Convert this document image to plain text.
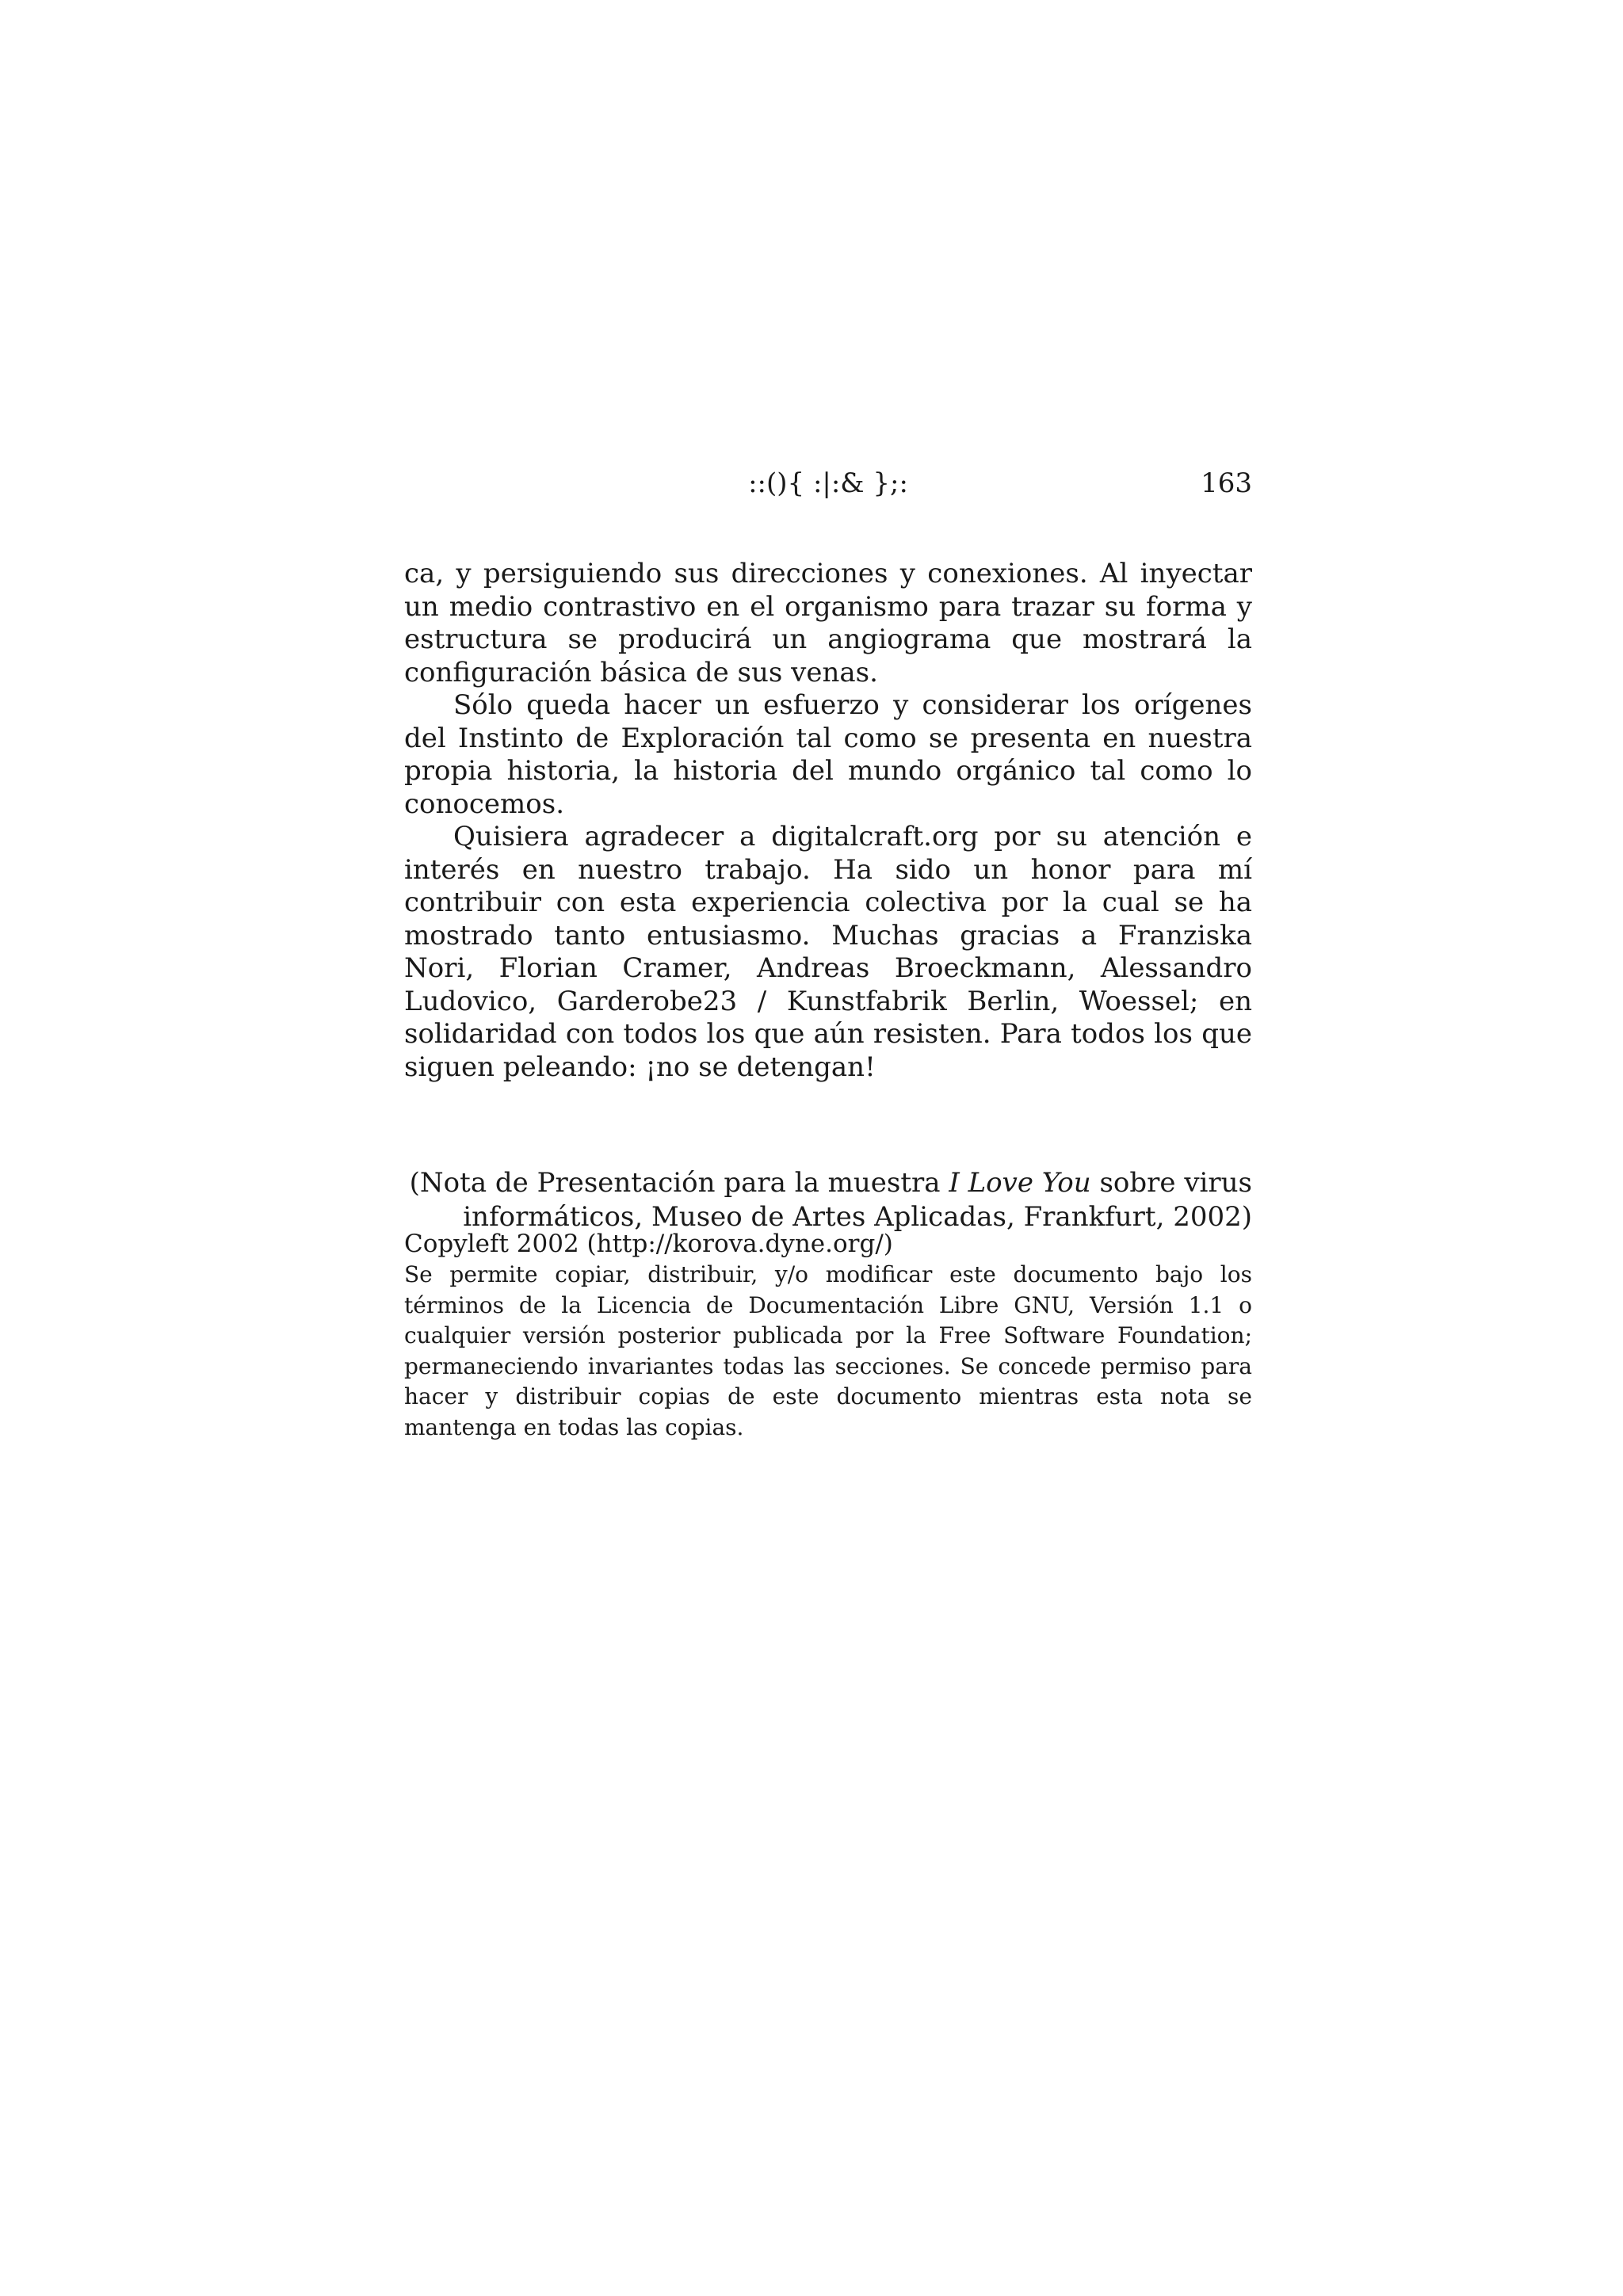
::(){ :|:& };:	163

ca, y persiguiendo sus direcciones y conexiones. Al inyectar un medio contrastivo en el organismo para trazar su forma y estructura se producirá un angiograma que mostrará la configuración básica de sus venas.

Sólo queda hacer un esfuerzo y considerar los orígenes del Instinto de Exploración tal como se presenta en nuestra propia historia, la historia del mundo orgánico tal como lo conocemos.

Quisiera agradecer a digitalcraft.org por su atención e interés en nuestro trabajo. Ha sido un honor para mí contribuir con esta experiencia colectiva por la cual se ha mostrado tanto entusiasmo. Muchas gracias a Franziska Nori, Florian Cramer, Andreas Broeckmann, Alessandro Ludovico, Garderobe23 / Kunstfabrik Berlin, Woessel; en solidaridad con todos los que aún resisten. Para todos los que siguen peleando: ¡no se detengan!

(Nota de Presentación para la muestra I Love You sobre virus
informáticos, Museo de Artes Aplicadas, Frankfurt, 2002)
Copyleft 2002 (http://korova.dyne.org/)
Se permite copiar, distribuir, y/o modificar este documento bajo los términos de la Licencia de Documentación Libre GNU, Versión 1.1 o cualquier versión posterior publicada por la Free Software Foundation; permaneciendo invariantes todas las secciones. Se concede permiso para hacer y distribuir copias de este documento mientras esta nota se mantenga en todas las copias.
